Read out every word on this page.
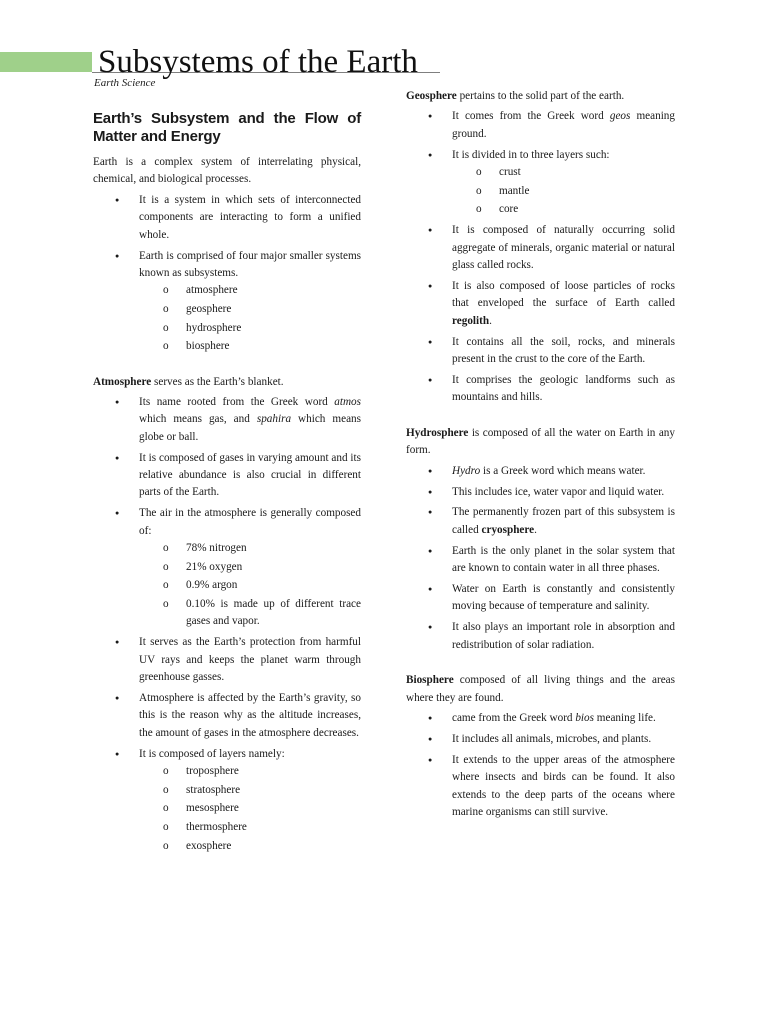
Subsystems of the Earth
Earth Science
Earth’s Subsystem and the Flow of Matter and Energy

Earth is a complex system of interrelating physical, chemical, and biological processes.

● It is a system in which sets of interconnected components are interacting to form a unified whole.
● Earth is comprised of four major smaller systems known as subsystems.
o atmosphere
o geosphere
o hydrosphere
o biosphere

Atmosphere serves as the Earth’s blanket.

● Its name rooted from the Greek word atmos which means gas, and spahira which means globe or ball.
● It is composed of gases in varying amount and its relative abundance is also crucial in different parts of the Earth.
● The air in the atmosphere is generally composed of:
o 78% nitrogen
o 21% oxygen
o 0.9% argon
o 0.10% is made up of different trace gases and vapor.
● It serves as the Earth’s protection from harmful UV rays and keeps the planet warm through greenhouse gasses.
● Atmosphere is affected by the Earth’s gravity, so this is the reason why as the altitude increases, the amount of gases in the atmosphere decreases.
● It is composed of layers namely:
o troposphere
o stratosphere
o mesosphere
o thermosphere
o exosphere

Geosphere pertains to the solid part of the earth.

● It comes from the Greek word geos meaning ground.
● It is divided in to three layers such:
o crust
o mantle
o core
● It is composed of naturally occurring solid aggregate of minerals, organic material or natural glass called rocks.
● It is also composed of loose particles of rocks that enveloped the surface of Earth called regolith.
● It contains all the soil, rocks, and minerals present in the crust to the core of the Earth.
● It comprises the geologic landforms such as mountains and hills.

Hydrosphere is composed of all the water on Earth in any form.

● Hydro is a Greek word which means water.
● This includes ice, water vapor and liquid water.
● The permanently frozen part of this subsystem is called cryosphere.
● Earth is the only planet in the solar system that are known to contain water in all three phases.
● Water on Earth is constantly and consistently moving because of temperature and salinity.
● It also plays an important role in absorption and redistribution of solar radiation.

Biosphere composed of all living things and the areas where they are found.

● came from the Greek word bios meaning life.
● It includes all animals, microbes, and plants.
● It extends to the upper areas of the atmosphere where insects and birds can be found. It also extends to the deep parts of the oceans where marine organisms can still survive.
